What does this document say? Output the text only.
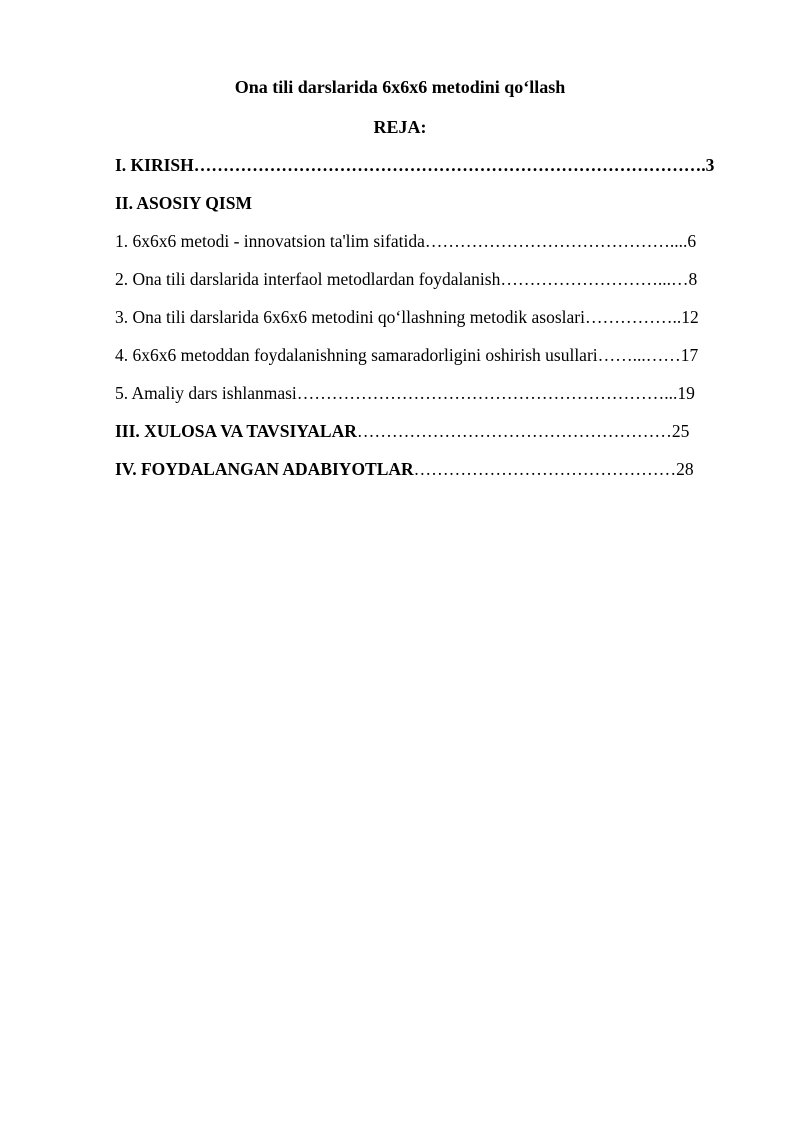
Ona tili darslarida 6x6x6 metodini qo‘llash
REJA:
I. KIRISH…………………………………………………………………………….3
II. ASOSIY QISM
1. 6x6x6 metodi - innovatsion ta'lim sifatida……………………………………....6
2. Ona tili darslarida interfaol metodlardan foydalanish………………………...…8
3. Ona tili darslarida 6x6x6 metodini qo‘llashning metodik asoslari……………..12
4. 6x6x6 metoddan foydalanishning samaradorligini oshirish usullari……...……17
5. Amaliy dars ishlanmasi………………………………………………………...19
III. XULOSA VA TAVSIYALAR………………………………………………25
IV. FOYDALANGAN ADABIYOTLAR………………………………………28
